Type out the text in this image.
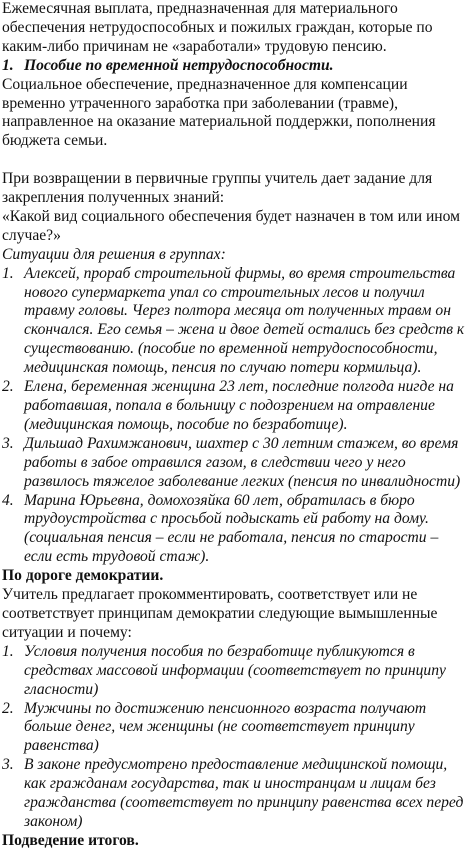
Ежемесячная выплата, предназначенная для материального обеспечения нетрудоспособных и пожилых граждан, которые по каким-либо причинам не «заработали» трудовую пенсию.

1. Пособие по временной нетрудоспособности.

Социальное обеспечение, предназначенное для компенсации временно утраченного заработка при заболевании (травме), направленное на оказание материальной поддержки, пополнения бюджета семьи.

При возвращении в первичные группы учитель дает задание для закрепления полученных знаний:

«Какой вид социального обеспечения будет назначен в том или ином случае?»

Ситуации для решения в группах:

1. Алексей, прораб строительной фирмы, во время строительства нового супермаркета упал со строительных лесов и получил травму головы. Через полтора месяца от полученных травм он скончался. Его семья – жена и двое детей остались без средств к существованию. (пособие по временной нетрудоспособности, медицинская помощь, пенсия по случаю потери кормильца).
2. Елена, беременная женщина 23 лет, последние полгода нигде на работавшая, попала в больницу с подозрением на отравление (медицинская помощь, пособие по безработице).
3. Дильшад Рахимжанович, шахтер с 30 летним стажем, во время работы в забое отравился газом, в следствии чего у него развилось тяжелое заболевание легких (пенсия по инвалидности)
4. Марина Юрьевна, домохозяйка 60 лет, обратилась в бюро трудоустройства с просьбой подыскать ей работу на дому. (социальная пенсия – если не работала, пенсия по старости – если есть трудовой стаж).

По дороге демократии.

Учитель предлагает прокомментировать, соответствует или не соответствует принципам демократии следующие вымышленные ситуации и почему:

1. Условия получения пособия по безработице публикуются в средствах массовой информации (соответствует по принципу гласности)
2. Мужчины по достижению пенсионного возраста получают больше денег, чем женщины (не соответствует принципу равенства)
3. В законе предусмотрено предоставление медицинской помощи, как гражданам государства, так и иностранцам и лицам без гражданства (соответствует по принципу равенства всех перед законом)

Подведение итогов.
